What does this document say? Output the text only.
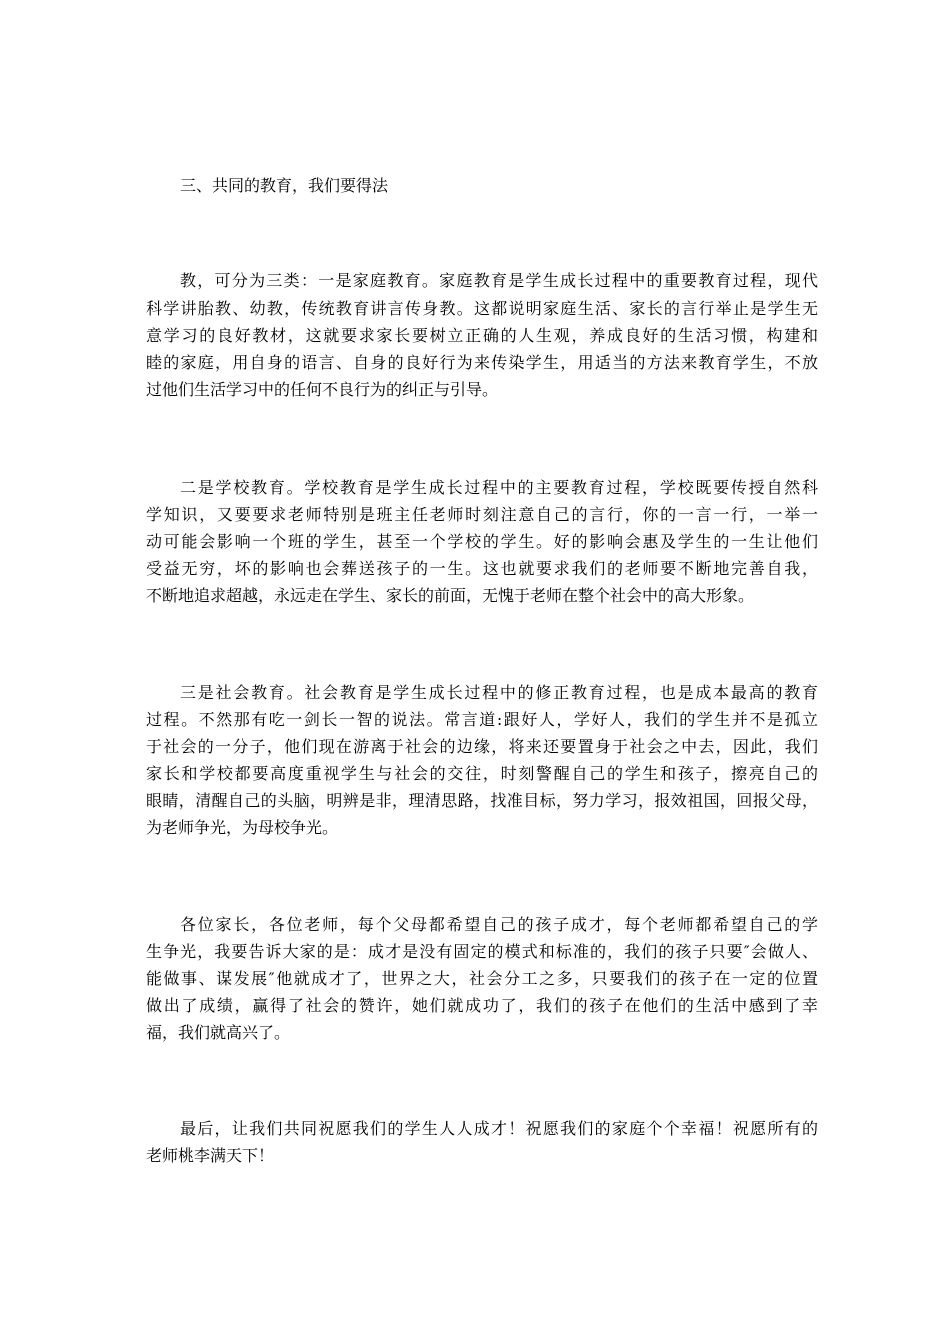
三、共同的教育，我们要得法
教，可分为三类：一是家庭教育。家庭教育是学生成长过程中的重要教育过程，现代
科学讲胎教、幼教，传统教育讲言传身教。这都说明家庭生活、家长的言行举止是学生无
意学习的良好教材，这就要求家长要树立正确的人生观，养成良好的生活习惯，构建和
睦的家庭，用自身的语言、自身的良好行为来传染学生，用适当的方法来教育学生，不放
过他们生活学习中的任何不良行为的纠正与引导。
二是学校教育。学校教育是学生成长过程中的主要教育过程，学校既要传授自然科
学知识，又要要求老师特别是班主任老师时刻注意自己的言行，你的一言一行，一举一
动可能会影响一个班的学生，甚至一个学校的学生。好的影响会惠及学生的一生让他们
受益无穷，坏的影响也会葬送孩子的一生。这也就要求我们的老师要不断地完善自我，
不断地追求超越，永远走在学生、家长的前面，无愧于老师在整个社会中的高大形象。
三是社会教育。社会教育是学生成长过程中的修正教育过程，也是成本最高的教育
过程。不然那有吃一剑长一智的说法。常言道:跟好人，学好人，我们的学生并不是孤立
于社会的一分子，他们现在游离于社会的边缘，将来还要置身于社会之中去，因此，我们
家长和学校都要高度重视学生与社会的交往，时刻警醒自己的学生和孩子，擦亮自己的
眼睛，清醒自己的头脑，明辨是非，理清思路，找准目标，努力学习，报效祖国，回报父母，
为老师争光，为母校争光。
各位家长，各位老师，每个父母都希望自己的孩子成才，每个老师都希望自己的学
生争光，我要告诉大家的是：成才是没有固定的模式和标准的，我们的孩子只要″会做人、
能做事、谋发展″他就成才了，世界之大，社会分工之多，只要我们的孩子在一定的位置
做出了成绩，赢得了社会的赞许，她们就成功了，我们的孩子在他们的生活中感到了幸
福，我们就高兴了。
最后，让我们共同祝愿我们的学生人人成才！祝愿我们的家庭个个幸福！祝愿所有的
老师桃李满天下！
